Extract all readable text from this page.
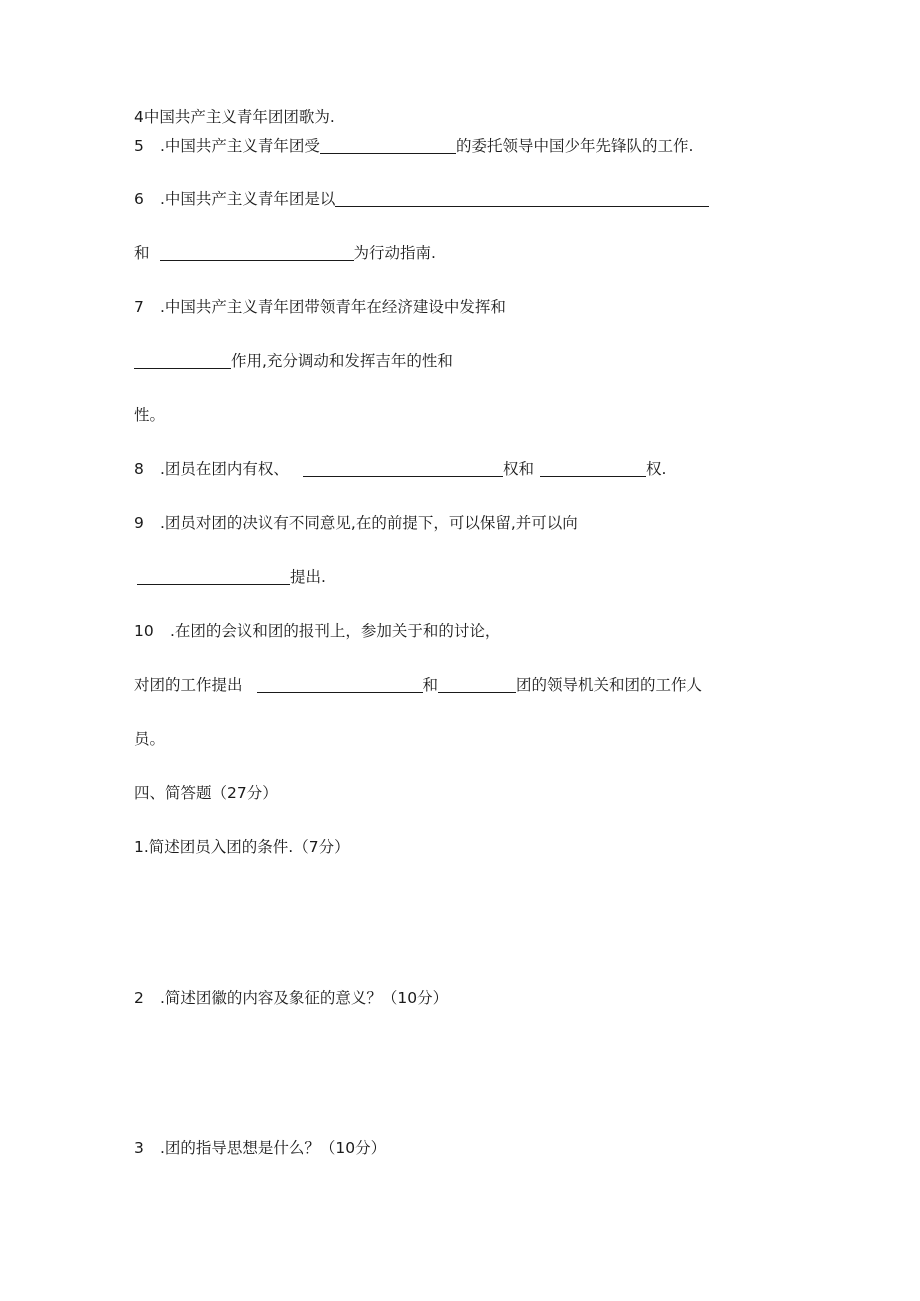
4中国共产主义青年团团歌为.
5	.中国共产主义青年团受	的委托领导中国少年先锋队的工作.
6	.中国共产主义青年团是以
和	为行动指南.
7	.中国共产主义青年团带领青年在经济建设中发挥和
作用,充分调动和发挥吉年的性和
性。
8	.团员在团内有权、	权和	权.
9	.团员对团的决议有不同意见,在的前提下，可以保留,并可以向
提出.
10	.在团的会议和团的报刊上，参加关于和的讨论，
对团的工作提出	和	团的领导机关和团的工作人
员。
四、简答题（27分）
1 .简述团员入团的条件.（7分）
2	.简述团徽的内容及象征的意义？（10分）
3	.团的指导思想是什么？（10分）
